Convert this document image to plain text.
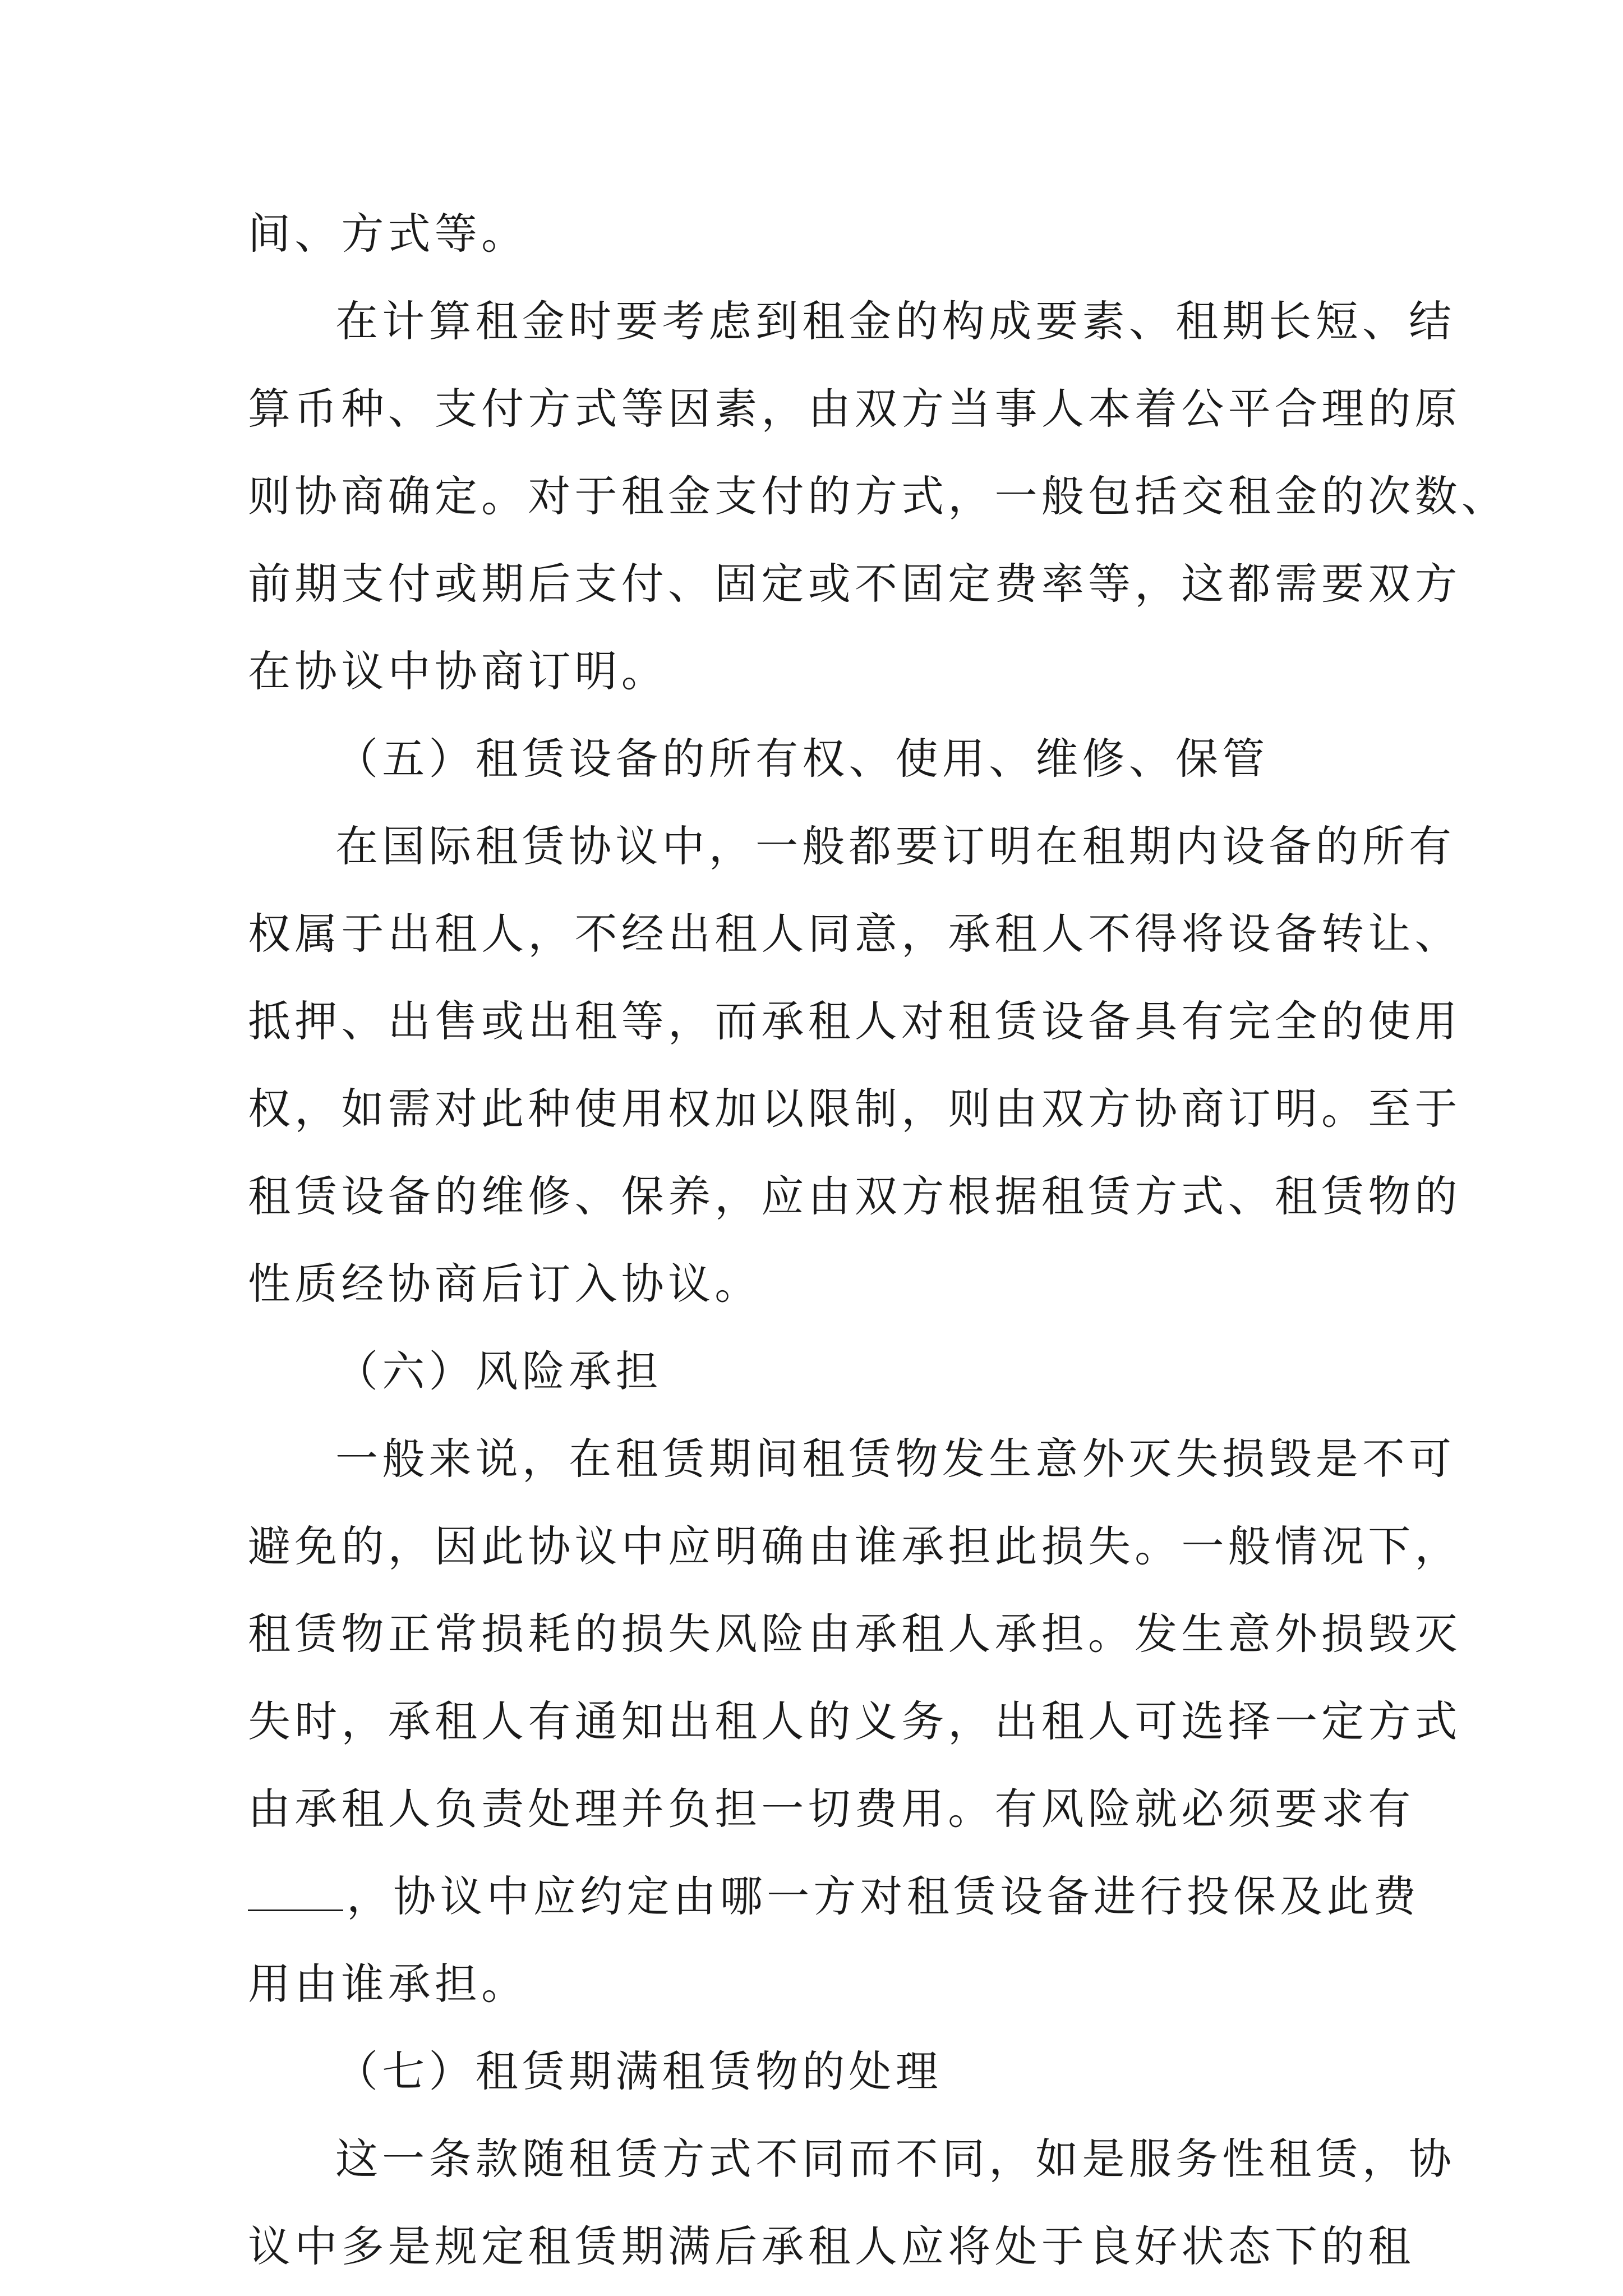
间、方式等。
在计算租金时要考虑到租金的构成要素、租期长短、结
算币种、支付方式等因素，由双方当事人本着公平合理的原
则协商确定。对于租金支付的方式，一般包括交租金的次数、
前期支付或期后支付、固定或不固定费率等，这都需要双方
在协议中协商订明。
（五）租赁设备的所有权、使用、维修、保管
在国际租赁协议中，一般都要订明在租期内设备的所有
权属于出租人，不经出租人同意，承租人不得将设备转让、
抵押、出售或出租等，而承租人对租赁设备具有完全的使用
权，如需对此种使用权加以限制，则由双方协商订明。至于
租赁设备的维修、保养，应由双方根据租赁方式、租赁物的
性质经协商后订入协议。
（六）风险承担
一般来说，在租赁期间租赁物发生意外灭失损毁是不可
避免的，因此协议中应明确由谁承担此损失。一般情况下，
租赁物正常损耗的损失风险由承租人承担。发生意外损毁灭
失时，承租人有通知出租人的义务，出租人可选择一定方式
由承租人负责处理并负担一切费用。有风险就必须要求有
，协议中应约定由哪一方对租赁设备进行投保及此费
用由谁承担。
（七）租赁期满租赁物的处理
这一条款随租赁方式不同而不同，如是服务性租赁，协
议中多是规定租赁期满后承租人应将处于良好状态下的租
